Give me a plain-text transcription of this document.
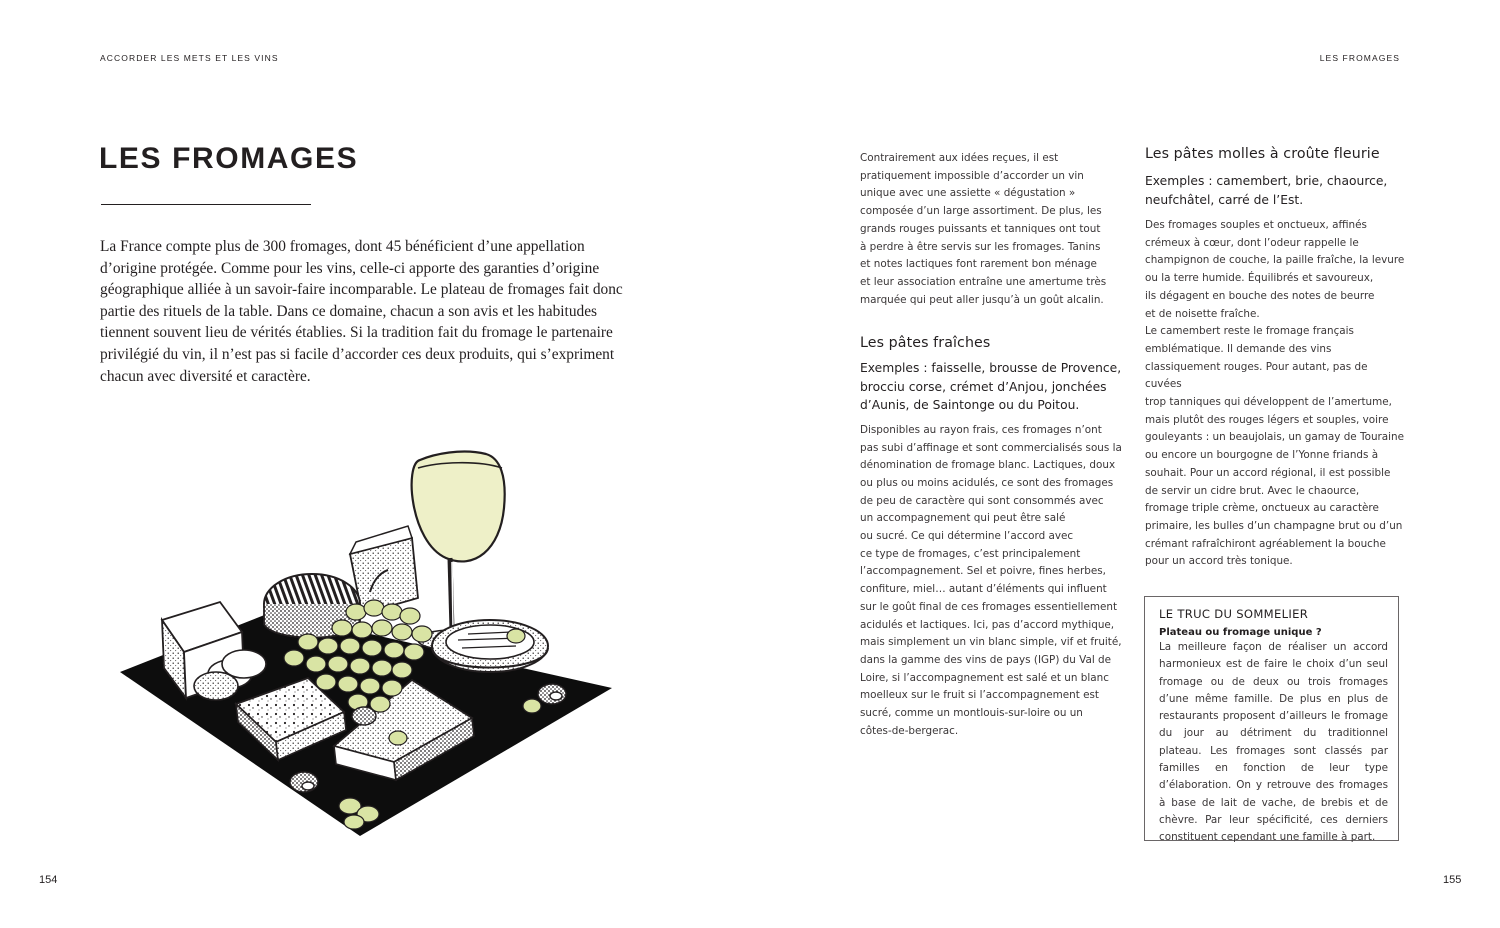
ACCORDER LES METS ET LES VINS	LES FROMAGES
LES FROMAGES

La France compte plus de 300 fromages, dont 45 bénéficient d’une appellation d’origine protégée. Comme pour les vins, celle-ci apporte des garanties d’origine géographique alliée à un savoir-faire incomparable. Le plateau de fromages fait donc partie des rituels de la table. Dans ce domaine, chacun a son avis et les habitudes tiennent souvent lieu de vérités établies. Si la tradition fait du fromage le partenaire privilégié du vin, il n’est pas si facile d’accorder ces deux produits, qui s’expriment chacun avec diversité et caractère.

154

Contrairement aux idées reçues, il est
pratiquement impossible d’accorder un vin
unique avec une assiette « dégustation »
composée d’un large assortiment. De plus, les
grands rouges puissants et tanniques ont tout
à perdre à être servis sur les fromages. Tanins
et notes lactiques font rarement bon ménage
et leur association entraîne une amertume très
marquée qui peut aller jusqu’à un goût alcalin.

Les pâtes fraîches

Exemples : faisselle, brousse de Provence, brocciu corse, crémet d’Anjou, jonchées d’Aunis, de Saintonge ou du Poitou.

Disponibles au rayon frais, ces fromages n’ont
pas subi d’affinage et sont commercialisés sous la
dénomination de fromage blanc. Lactiques, doux
ou plus ou moins acidulés, ce sont des fromages
de peu de caractère qui sont consommés avec
un accompagnement qui peut être salé
ou sucré. Ce qui détermine l’accord avec
ce type de fromages, c’est principalement
l’accompagnement. Sel et poivre, fines herbes,
confiture, miel… autant d’éléments qui influent
sur le goût final de ces fromages essentiellement
acidulés et lactiques. Ici, pas d’accord mythique,
mais simplement un vin blanc simple, vif et fruité,
dans la gamme des vins de pays (IGP) du Val de
Loire, si l’accompagnement est salé et un blanc
moelleux sur le fruit si l’accompagnement est
sucré, comme un montlouis-sur-loire ou un
côtes-de-bergerac.

Les pâtes molles à croûte fleurie

Exemples : camembert, brie, chaource, neufchâtel, carré de l’Est.

Des fromages souples et onctueux, affinés
crémeux à cœur, dont l’odeur rappelle le
champignon de couche, la paille fraîche, la levure
ou la terre humide. Équilibrés et savoureux,
ils dégagent en bouche des notes de beurre
et de noisette fraîche.
Le camembert reste le fromage français
emblématique. Il demande des vins
classiquement rouges. Pour autant, pas de cuvées
trop tanniques qui développent de l’amertume,
mais plutôt des rouges légers et souples, voire
gouleyants : un beaujolais, un gamay de Touraine
ou encore un bourgogne de l’Yonne friands à
souhait. Pour un accord régional, il est possible
de servir un cidre brut. Avec le chaource,
fromage triple crème, onctueux au caractère
primaire, les bulles d’un champagne brut ou d’un
crémant rafraîchiront agréablement la bouche
pour un accord très tonique.

LE TRUC DU SOMMELIER

Plateau ou fromage unique ?

La meilleure façon de réaliser un accord harmonieux est de faire le choix d’un seul fromage ou de deux ou trois fromages d’une même famille. De plus en plus de restaurants proposent d’ailleurs le fromage du jour au détriment du traditionnel plateau. Les fromages sont classés par familles en fonction de leur type d’élaboration. On y retrouve des fromages à base de lait de vache, de brebis et de chèvre. Par leur spécificité, ces derniers constituent cependant une famille à part.

155
